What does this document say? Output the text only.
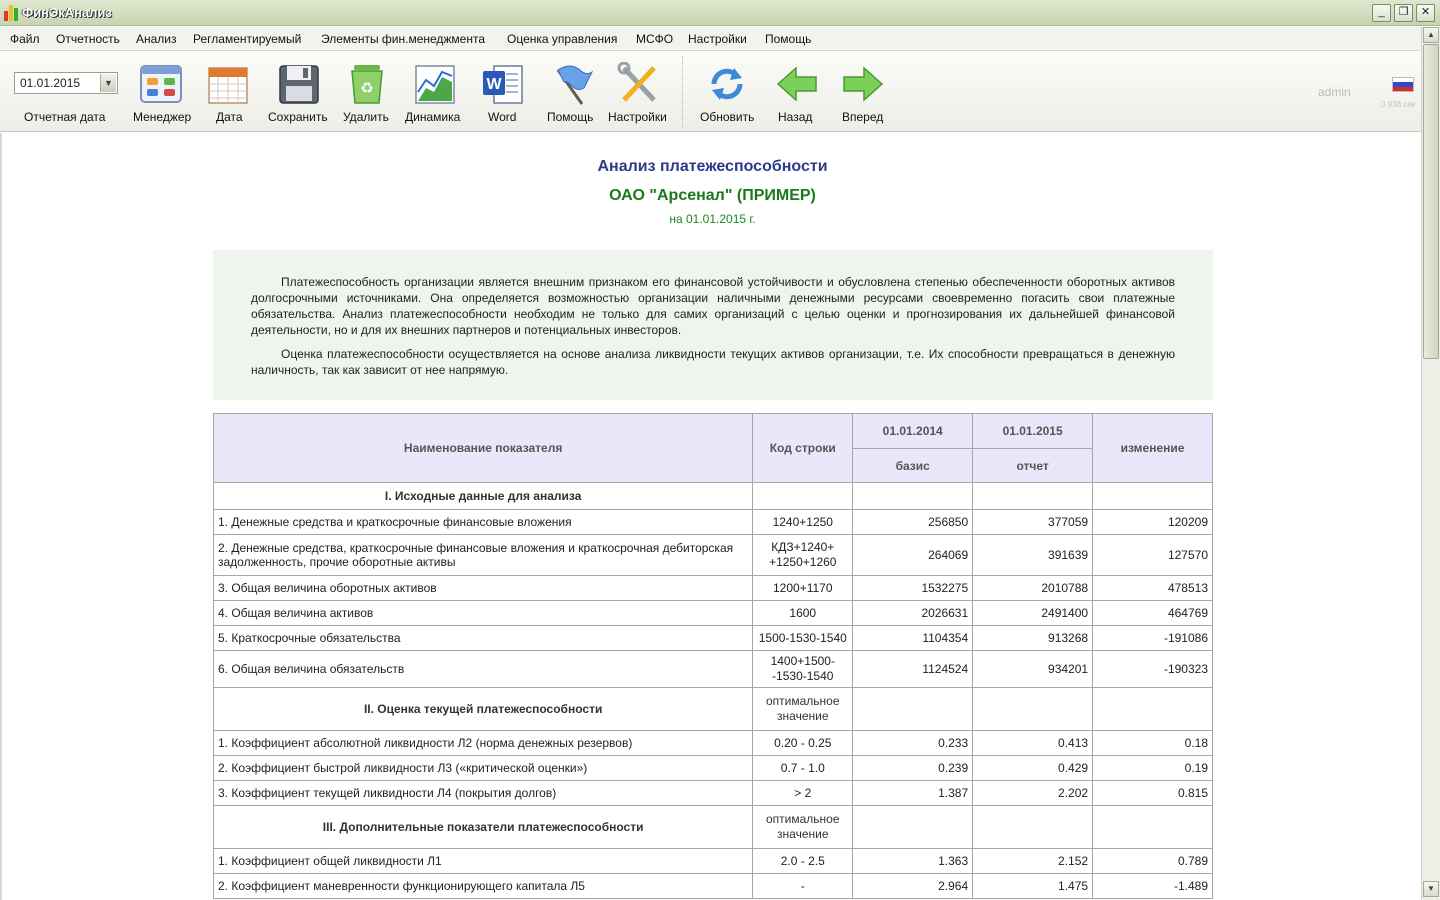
ФинЭкАнализ	_	❐	✕
Файл Отчетность Анализ Регламентируемый Элементы фин.менеджмента Оценка управления МСФО Настройки Помощь
01.01.2015	▼
Отчетная дата Менеджер Дата Сохранить
♻
Удалить Динамика
W
Word	Помощь Настройки	Обновить Назад Вперед
admin
0.938 сек
▲
▼
Анализ платежеспособности
ОАО "Арсенал" (ПРИМЕР)
на 01.01.2015 г.

Платежеспособность организации является внешним признаком его финансовой устойчивости и обусловлена степенью обеспеченности оборотных активов долгосрочными источниками. Она определяется возможностью организации наличными денежными ресурсами своевременно погасить свои платежные обязательства. Анализ платежеспособности необходим не только для самих организаций с целью оценки и прогнозирования их дальнейшей финансовой деятельности, но и для их внешних партнеров и потенциальных инвесторов.

Оценка платежеспособности осуществляется на основе анализа ликвидности текущих активов организации, т.е. Их способности превращаться в денежную наличность, так как зависит от нее напрямую.

Наименование показателя	Код строки	01.01.2014	01.01.2015	изменение
		базис	отчет	
I. Исходные данные для анализа				
1. Денежные средства и краткосрочные финансовые вложения	1240+1250	256850	377059	120209
2. Денежные средства, краткосрочные финансовые вложения и краткосрочная дебиторская задолженность, прочие оборотные активы	КДЗ+1240+ +1250+1260	264069	391639	127570
3. Общая величина оборотных активов	1200+1170	1532275	2010788	478513
4. Общая величина активов	1600	2026631	2491400	464769
5. Краткосрочные обязательства	1500-1530-1540	1104354	913268	-191086
6. Общая величина обязательств	1400+1500- -1530-1540	1124524	934201	-190323
II. Оценка текущей платежеспособности	оптимальное значение			
1. Коэффициент абсолютной ликвидности Л2 (норма денежных резервов)	0.20 - 0.25	0.233	0.413	0.18
2. Коэффициент быстрой ликвидности Л3 («критической оценки»)	0.7 - 1.0	0.239	0.429	0.19
3. Коэффициент текущей ликвидности Л4 (покрытия долгов)	> 2	1.387	2.202	0.815
III. Дополнительные показатели платежеспособности	оптимальное значение			
1. Коэффициент общей ликвидности Л1	2.0 - 2.5	1.363	2.152	0.789
2. Коэффициент маневренности функционирующего капитала Л5	-	2.964	1.475	-1.489
